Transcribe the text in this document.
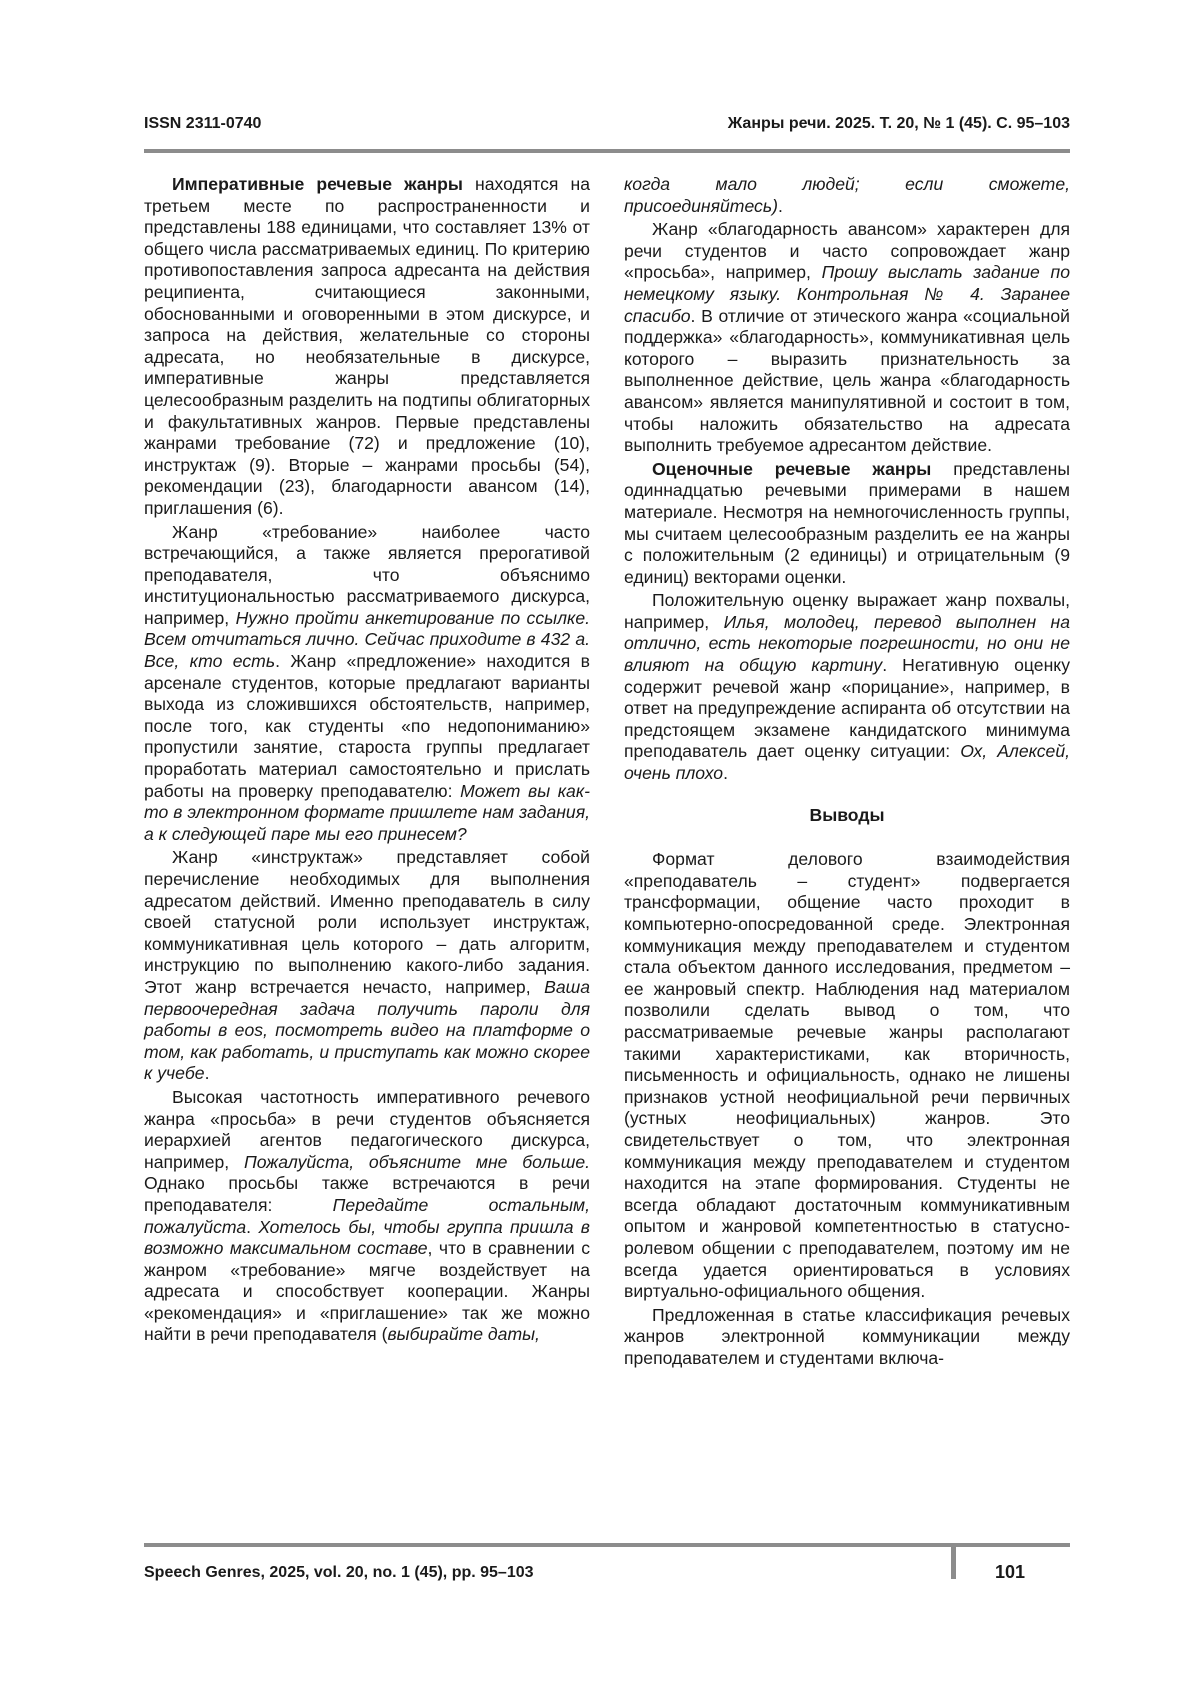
ISSN 2311-0740	Жанры речи. 2025. Т. 20, № 1 (45). С. 95–103

Императивные речевые жанры находятся на третьем месте по распространенности и представлены 188 единицами, что составляет 13% от общего числа рассматриваемых единиц. По критерию противопоставления запроса адресанта на действия реципиента, считающиеся законными, обоснованными и оговоренными в этом дискурсе, и запроса на действия, желательные со стороны адресата, но необязательные в дискурсе, императивные жанры представляется целесообразным разделить на подтипы облигаторных и факультативных жанров. Первые представлены жанрами требование (72) и предложение (10), инструктаж (9). Вторые – жанрами просьбы (54), рекомендации (23), благодарности авансом (14), приглашения (6).

Жанр «требование» наиболее часто встречающийся, а также является прерогативой преподавателя, что объяснимо институциональностью рассматриваемого дискурса, например, Нужно пройти анкетирование по ссылке. Всем отчитаться лично. Сейчас приходите в 432 а. Все, кто есть. Жанр «предложение» находится в арсенале студентов, которые предлагают варианты выхода из сложившихся обстоятельств, например, после того, как студенты «по недопониманию» пропустили занятие, староста группы предлагает проработать материал самостоятельно и прислать работы на проверку преподавателю: Может вы как-то в электронном формате пришлете нам задания, а к следующей паре мы его принесем?

Жанр «инструктаж» представляет собой перечисление необходимых для выполнения адресатом действий. Именно преподаватель в силу своей статусной роли использует инструктаж, коммуникативная цель которого – дать алгоритм, инструкцию по выполнению какого-либо задания. Этот жанр встречается нечасто, например, Ваша первоочередная задача получить пароли для работы в eos, посмотреть видео на платформе о том, как работать, и приступать как можно скорее к учебе.

Высокая частотность императивного речевого жанра «просьба» в речи студентов объясняется иерархией агентов педагогического дискурса, например, Пожалуйста, объясните мне больше. Однако просьбы также встречаются в речи преподавателя: Передайте остальным, пожалуйста. Хотелось бы, чтобы группа пришла в возможно максимальном составе, что в сравнении с жанром «требование» мягче воздействует на адресата и способствует кооперации. Жанры «рекомендация» и «приглашение» так же можно найти в речи преподавателя (выбирайте даты,

когда мало людей; если сможете, присоединяйтесь).

Жанр «благодарность авансом» характерен для речи студентов и часто сопровождает жанр «просьба», например, Прошу выслать задание по немецкому языку. Контрольная № 4. Заранее спасибо. В отличие от этического жанра «социальной поддержка» «благодарность», коммуникативная цель которого – выразить признательность за выполненное действие, цель жанра «благодарность авансом» является манипулятивной и состоит в том, чтобы наложить обязательство на адресата выполнить требуемое адресантом действие.

Оценочные речевые жанры представлены одиннадцатью речевыми примерами в нашем материале. Несмотря на немногочисленность группы, мы считаем целесообразным разделить ее на жанры с положительным (2 единицы) и отрицательным (9 единиц) векторами оценки.

Положительную оценку выражает жанр похвалы, например, Илья, молодец, перевод выполнен на отлично, есть некоторые погрешности, но они не влияют на общую картину. Негативную оценку содержит речевой жанр «порицание», например, в ответ на предупреждение аспиранта об отсутствии на предстоящем экзамене кандидатского минимума преподаватель дает оценку ситуации: Ох, Алексей, очень плохо.

Выводы

Формат делового взаимодействия «преподаватель – студент» подвергается трансформации, общение часто проходит в компьютерно-опосредованной среде. Электронная коммуникация между преподавателем и студентом стала объектом данного исследования, предметом – ее жанровый спектр. Наблюдения над материалом позволили сделать вывод о том, что рассматриваемые речевые жанры располагают такими характеристиками, как вторичность, письменность и официальность, однако не лишены признаков устной неофициальной речи первичных (устных неофициальных) жанров. Это свидетельствует о том, что электронная коммуникация между преподавателем и студентом находится на этапе формирования. Студенты не всегда обладают достаточным коммуникативным опытом и жанровой компетентностью в статусно-ролевом общении с преподавателем, поэтому им не всегда удается ориентироваться в условиях виртуально-официального общения.

Предложенная в статье классификация речевых жанров электронной коммуникации между преподавателем и студентами включа-

Speech Genres, 2025, vol. 20, no. 1 (45), pp. 95–103	101
